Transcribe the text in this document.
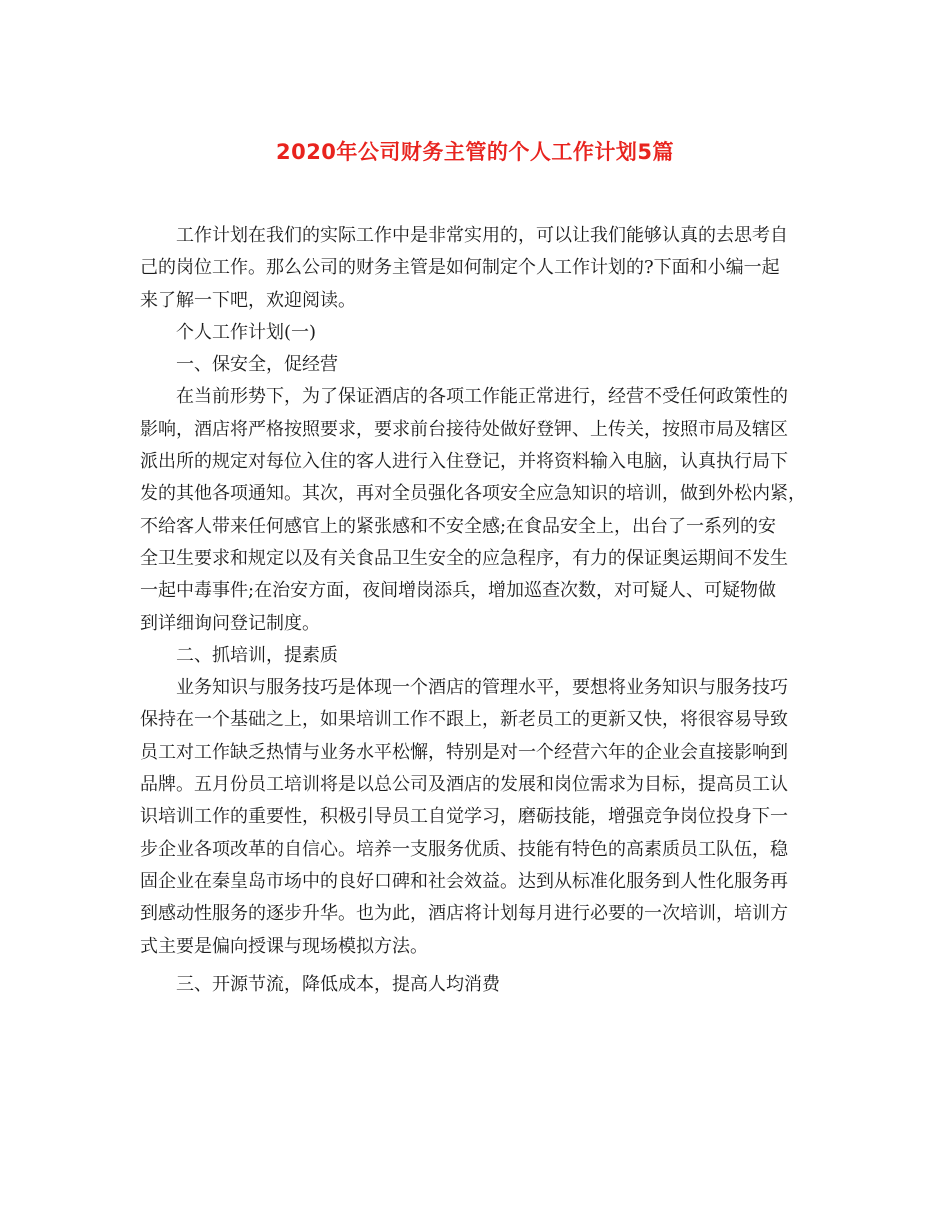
2020年公司财务主管的个人工作计划5篇
工作计划在我们的实际工作中是非常实用的，可以让我们能够认真的去思考自
己的岗位工作。那么公司的财务主管是如何制定个人工作计划的?下面和小编一起
来了解一下吧，欢迎阅读。
个人工作计划(一)
一、保安全，促经营
在当前形势下，为了保证酒店的各项工作能正常进行，经营不受任何政策性的
影响，酒店将严格按照要求，要求前台接待处做好登钾、上传关，按照市局及辖区
派出所的规定对每位入住的客人进行入住登记，并将资料输入电脑，认真执行局下
发的其他各项通知。其次，再对全员强化各项安全应急知识的培训，做到外松内紧，
不给客人带来任何感官上的紧张感和不安全感;在食品安全上，出台了一系列的安
全卫生要求和规定以及有关食品卫生安全的应急程序，有力的保证奥运期间不发生
一起中毒事件;在治安方面，夜间增岗添兵，增加巡查次数，对可疑人、可疑物做
到详细询问登记制度。
二、抓培训，提素质
业务知识与服务技巧是体现一个酒店的管理水平，要想将业务知识与服务技巧
保持在一个基础之上，如果培训工作不跟上，新老员工的更新又快，将很容易导致
员工对工作缺乏热情与业务水平松懈，特别是对一个经营六年的企业会直接影响到
品牌。五月份员工培训将是以总公司及酒店的发展和岗位需求为目标，提高员工认
识培训工作的重要性，积极引导员工自觉学习，磨砺技能，增强竞争岗位投身下一
步企业各项改革的自信心。培养一支服务优质、技能有特色的高素质员工队伍，稳
固企业在秦皇岛市场中的良好口碑和社会效益。达到从标准化服务到人性化服务再
到感动性服务的逐步升华。也为此，酒店将计划每月进行必要的一次培训，培训方
式主要是偏向授课与现场模拟方法。
三、开源节流，降低成本，提高人均消费
